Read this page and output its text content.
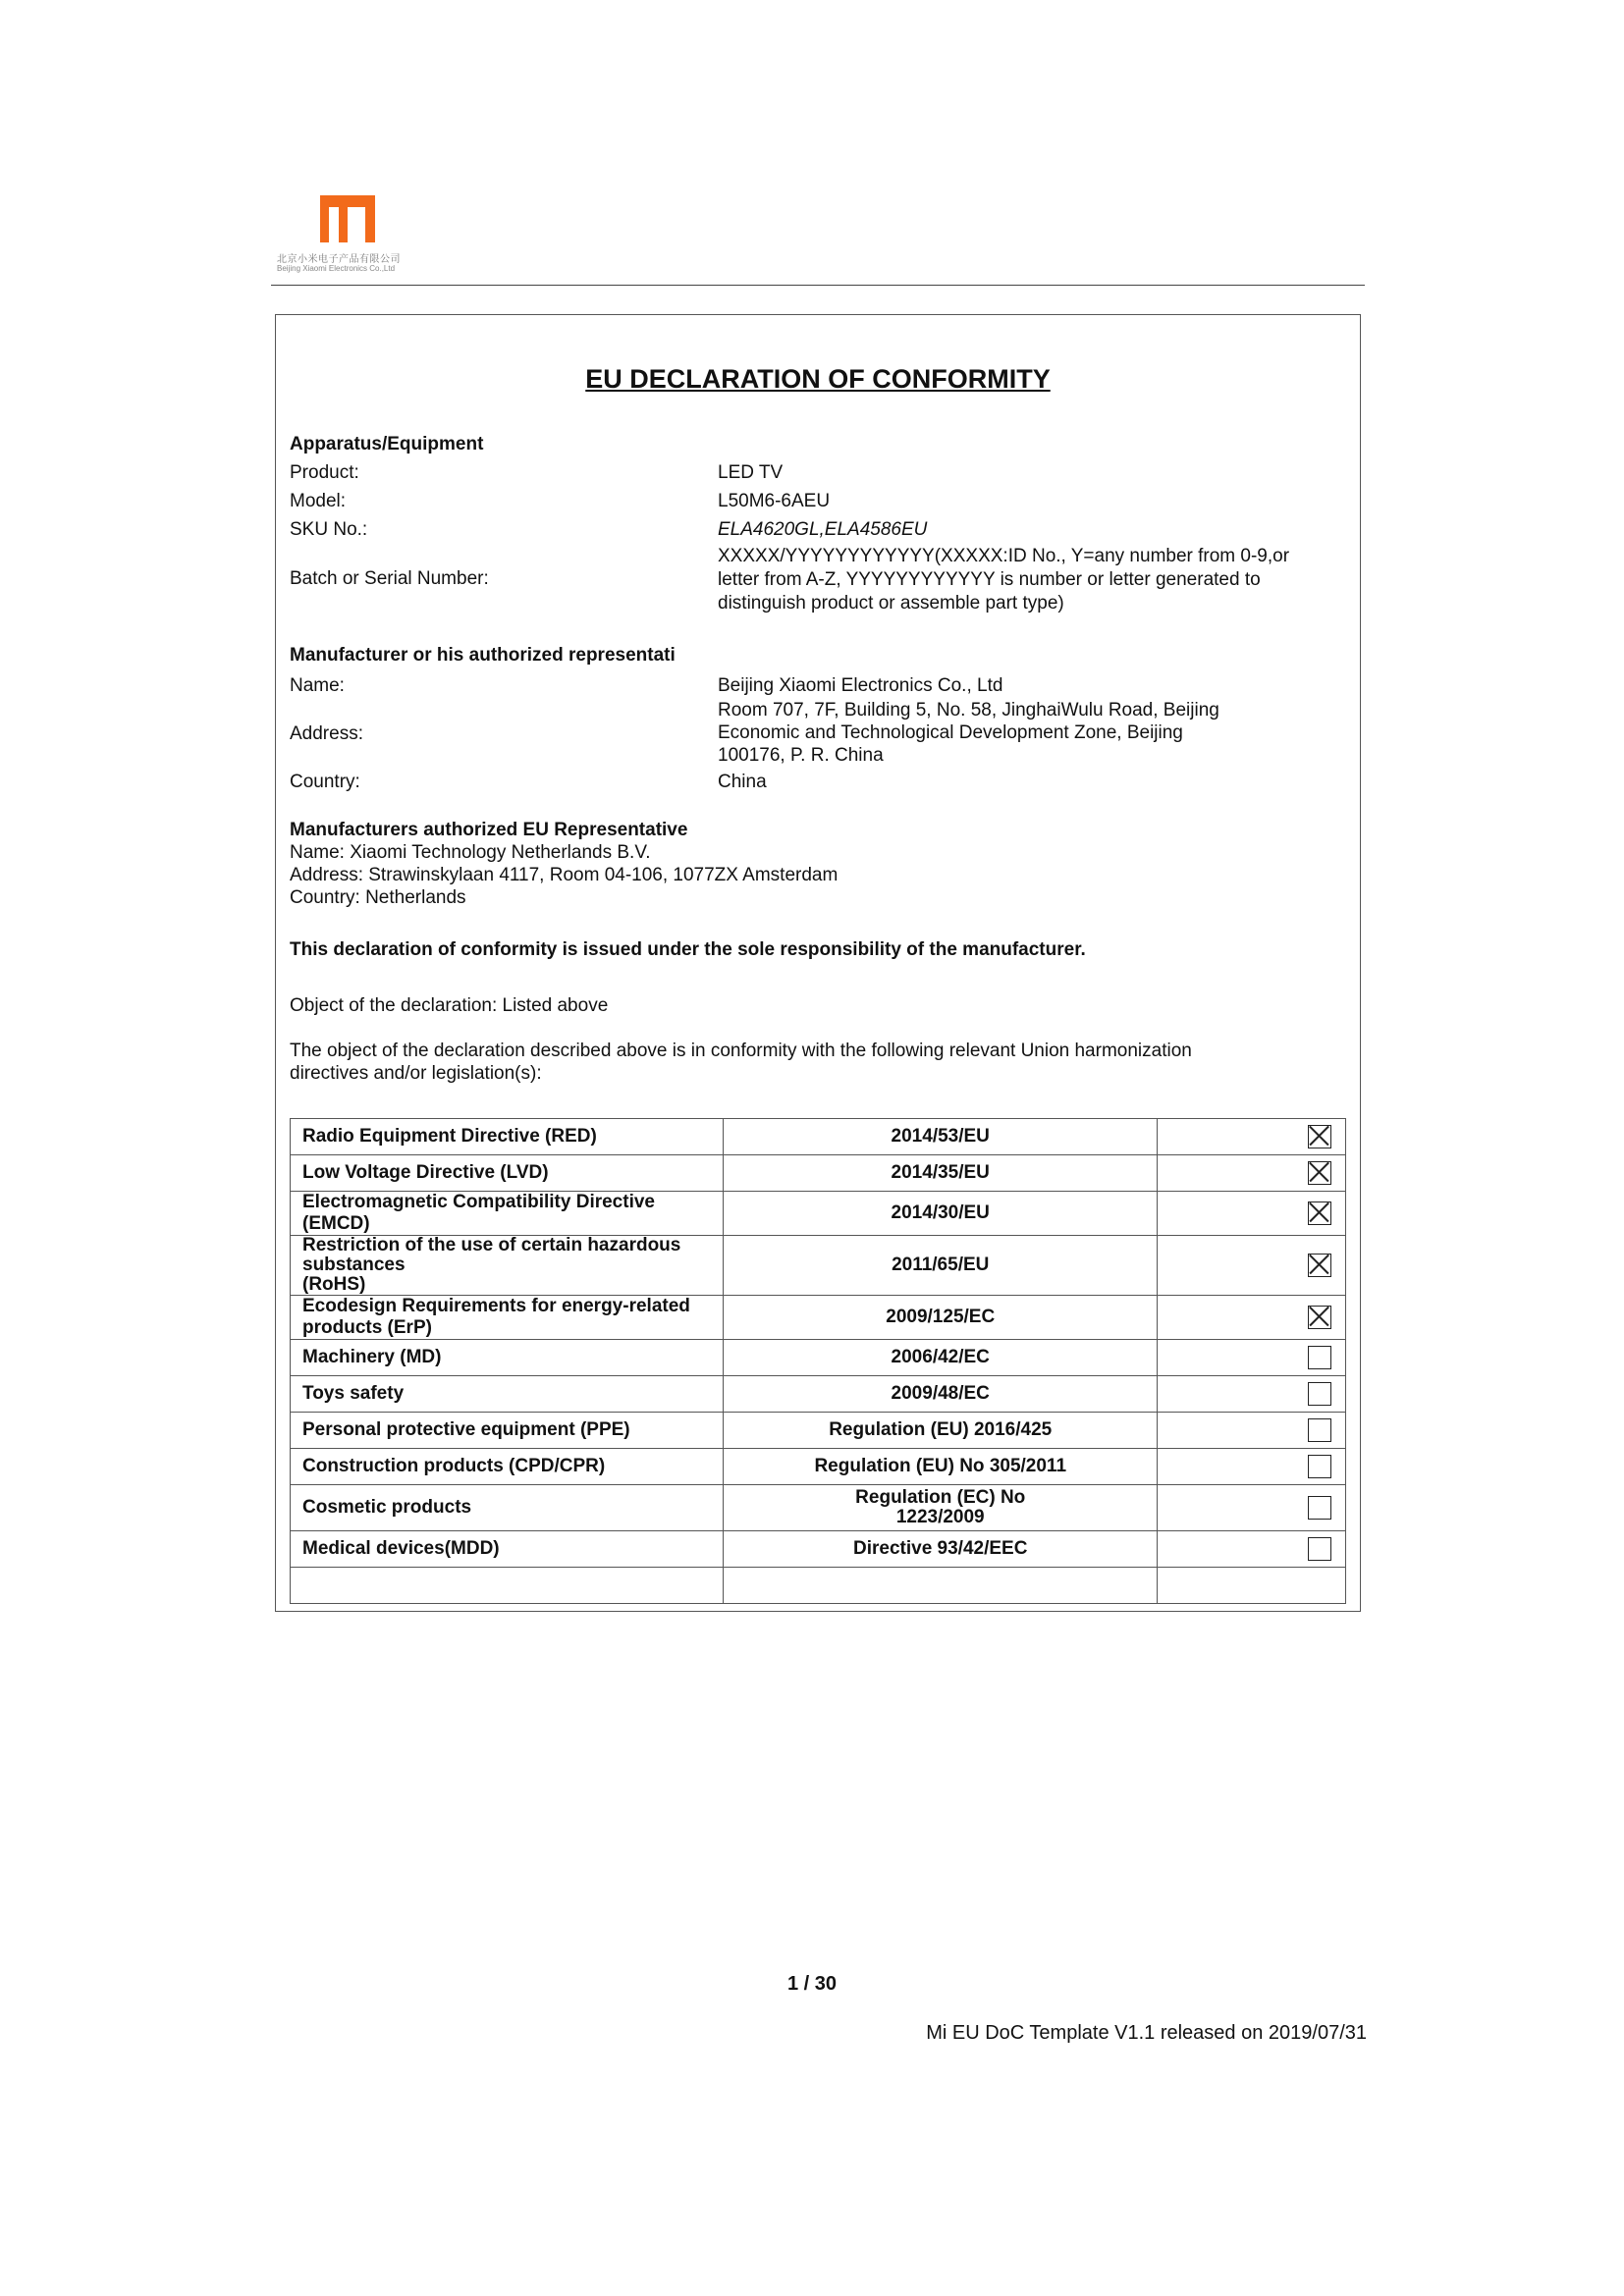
北京小米电子产品有限公司
Beijing Xiaomi Electronics Co.,Ltd
EU DECLARATION OF CONFORMITY
Apparatus/Equipment
Product:	LED TV
Model:	L50M6-6AEU
SKU No.:	ELA4620GL,ELA4586EU
Batch or Serial Number:
XXXXX/YYYYYYYYYYYY(XXXXX:ID No., Y=any number from 0-9,or
letter from A-Z, YYYYYYYYYYYY is number or letter generated to
distinguish product or assemble part type)
Manufacturer or his authorized representati
Name:	Beijing Xiaomi Electronics Co., Ltd
Address:
Room 707, 7F, Building 5, No. 58, JinghaiWulu Road, Beijing
Economic and Technological Development Zone, Beijing
100176, P. R. China
Country:	China
Manufacturers authorized EU Representative
Name: Xiaomi Technology Netherlands B.V.
Address: Strawinskylaan 4117, Room 04-106, 1077ZX Amsterdam
Country: Netherlands
This declaration of conformity is issued under the sole responsibility of the manufacturer.
Object of the declaration: Listed above
The object of the declaration described above is in conformity with the following relevant Union harmonization
directives and/or legislation(s):
Radio Equipment Directive (RED)	2014/53/EU	
Low Voltage Directive (LVD)	2014/35/EU	
Electromagnetic Compatibility Directive (EMCD)	2014/30/EU	

Restriction of the use of certain hazardous substances
(RoHS)	2011/65/EU	
Ecodesign Requirements for energy-related products (ErP)	2009/125/EC	
Machinery (MD)	2006/42/EC	
Toys safety	2009/48/EC	
Personal protective equipment (PPE)	Regulation (EU) 2016/425	
Construction products (CPD/CPR)	Regulation (EU) No 305/2011	
Cosmetic products	Regulation (EC) No
1223/2009	

Medical devices(MDD)	Directive 93/42/EEC	

1 / 30
Mi EU DoC Template V1.1 released on 2019/07/31
